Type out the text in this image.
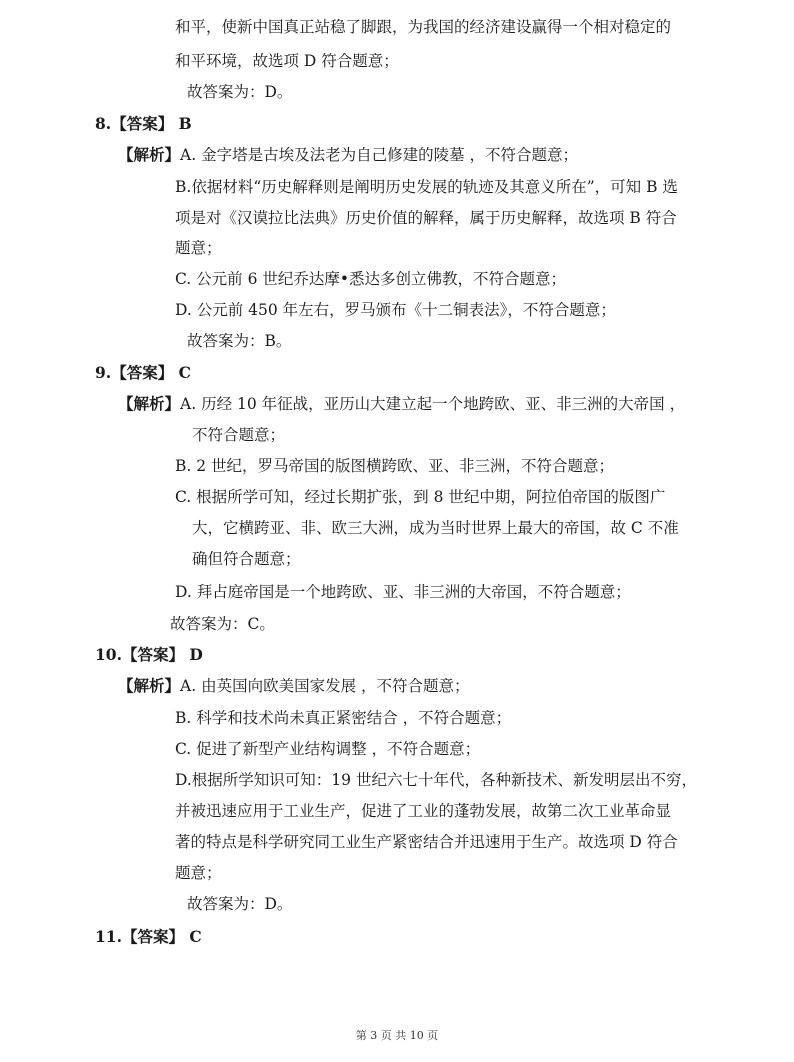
和平，使新中国真正站稳了脚跟，为我国的经济建设赢得一个相对稳定的
和平环境，故选项 D 符合题意；
故答案为：D。
8.【答案】 B
【解析】A. 金字塔是古埃及法老为自己修建的陵墓 ，不符合题意；
B.依据材料“历史解释则是阐明历史发展的轨迹及其意义所在”，可知 B 选
项是对《汉谟拉比法典》历史价值的解释，属于历史解释，故选项 B 符合
题意；
C. 公元前 6 世纪乔达摩•悉达多创立佛教，不符合题意；
D. 公元前 450 年左右，罗马颁布《十二铜表法》，不符合题意；
故答案为：B。
9.【答案】 C
【解析】A. 历经 10 年征战，亚历山大建立起一个地跨欧、亚、非三洲的大帝国 ，
不符合题意；
B. 2 世纪，罗马帝国的版图横跨欧、亚、非三洲，不符合题意；
C. 根据所学可知，经过长期扩张，到 8 世纪中期，阿拉伯帝国的版图广
大，它横跨亚、非、欧三大洲，成为当时世界上最大的帝国，故 C 不准
确但符合题意；
D. 拜占庭帝国是一个地跨欧、亚、非三洲的大帝国，不符合题意；
故答案为：C。
10.【答案】 D
【解析】A. 由英国向欧美国家发展 ，不符合题意；
B. 科学和技术尚未真正紧密结合 ，不符合题意；
C. 促进了新型产业结构调整 ，不符合题意；
D.根据所学知识可知：19 世纪六七十年代，各种新技术、新发明层出不穷，
并被迅速应用于工业生产，促进了工业的蓬勃发展，故第二次工业革命显
著的特点是科学研究同工业生产紧密结合并迅速用于生产。故选项 D 符合
题意；
故答案为：D。
11.【答案】 C
第 3 页 共 10 页
